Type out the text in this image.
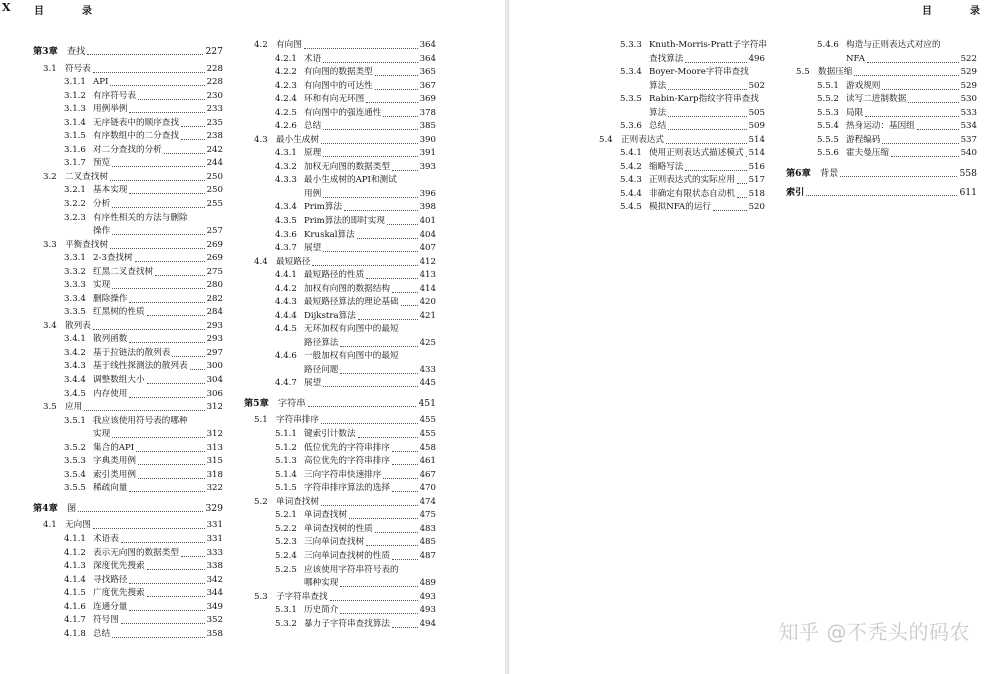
X 目　录
第3章 查找	227
3.1 符号表	228
3.1.1 API	228
3.1.2 有序符号表	230
3.1.3 用例举例	233
3.1.4 无序链表中的顺序查找	235
3.1.5 有序数组中的二分查找	238
3.1.6 对二分查找的分析	242
3.1.7 预览	244
3.2 二叉查找树	250
3.2.1 基本实现	250
3.2.2 分析	255
3.2.3 有序性相关的方法与删除
操作	257
3.3 平衡查找树	269
3.3.1 2-3查找树	269
3.3.2 红黑二叉查找树	275
3.3.3 实现	280
3.3.4 删除操作	282
3.3.5 红黑树的性质	284
3.4 散列表	293
3.4.1 散列函数	293
3.4.2 基于拉链法的散列表	297
3.4.3 基于线性探测法的散列表 300
3.4.4 调整数组大小	304
3.4.5 内存使用	306
3.5 应用	312
3.5.1 我应该使用符号表的哪种
实现	312
3.5.2 集合的API	313
3.5.3 字典类用例	315
3.5.4 索引类用例	318
3.5.5 稀疏向量	322
第4章 图	329
4.1 无向图	331
4.1.1 术语表	331
4.1.2 表示无向图的数据类型	333
4.1.3 深度优先搜索	338
4.1.4 寻找路径	342
4.1.5 广度优先搜索	344
4.1.6 连通分量	349
4.1.7 符号图	352
4.1.8 总结	358
4.2 有向图	364
4.2.1 术语	364
4.2.2 有向图的数据类型	365
4.2.3 有向图中的可达性	367
4.2.4 环和有向无环图	369
4.2.5 有向图中的强连通性	378
4.2.6 总结	385
4.3 最小生成树	390
4.3.1 原理	391
4.3.2 加权无向图的数据类型	393
4.3.3 最小生成树的API和测试
用例	396
4.3.4 Prim算法	398
4.3.5 Prim算法的即时实现	401
4.3.6 Kruskal算法	404
4.3.7 展望	407
4.4 最短路径	412
4.4.1 最短路径的性质	413
4.4.2 加权有向图的数据结构	414
4.4.3 最短路径算法的理论基础 420
4.4.4 Dijkstra算法	421
4.4.5 无环加权有向图中的最短
路径算法	425
4.4.6 一般加权有向图中的最短
路径问题	433
4.4.7 展望	445
第5章 字符串	451
5.1 字符串排序	455
5.1.1 键索引计数法	455
5.1.2 低位优先的字符串排序	458
5.1.3 高位优先的字符串排序	461
5.1.4 三向字符串快速排序	467
5.1.5 字符串排序算法的选择	470
5.2 单词查找树	474
5.2.1 单词查找树	475
5.2.2 单词查找树的性质	483
5.2.3 三向单词查找树	485
5.2.4 三向单词查找树的性质	487
5.2.5 应该使用字符串符号表的
哪种实现	489
5.3 子字符串查找	493
5.3.1 历史简介	493
5.3.2 暴力子字符串查找算法	494
目　录
5.3.3 Knuth-Morris-Pratt子字符串
查找算法	496
5.3.4 Boyer-Moore字符串查找
算法	502
5.3.5 Rabin-Karp指纹字符串查找
算法	505
5.3.6 总结	509
5.4 正则表达式	514
5.4.1 使用正则表达式描述模式 514
5.4.2 缩略写法	516
5.4.3 正则表达式的实际应用 517
5.4.4 非确定有限状态自动机 518
5.4.5 模拟NFA的运行	520
5.4.6 构造与正则表达式对应的
NFA	522
5.5 数据压缩	529
5.5.1 游戏规则	529
5.5.2 读写二进制数据	530
5.5.3 局限	533
5.5.4 热身运动：基因组	534
5.5.5 游程编码	537
5.5.6 霍夫曼压缩	540
第6章 背景	558
索引	611
知乎 @不秃头的码农
